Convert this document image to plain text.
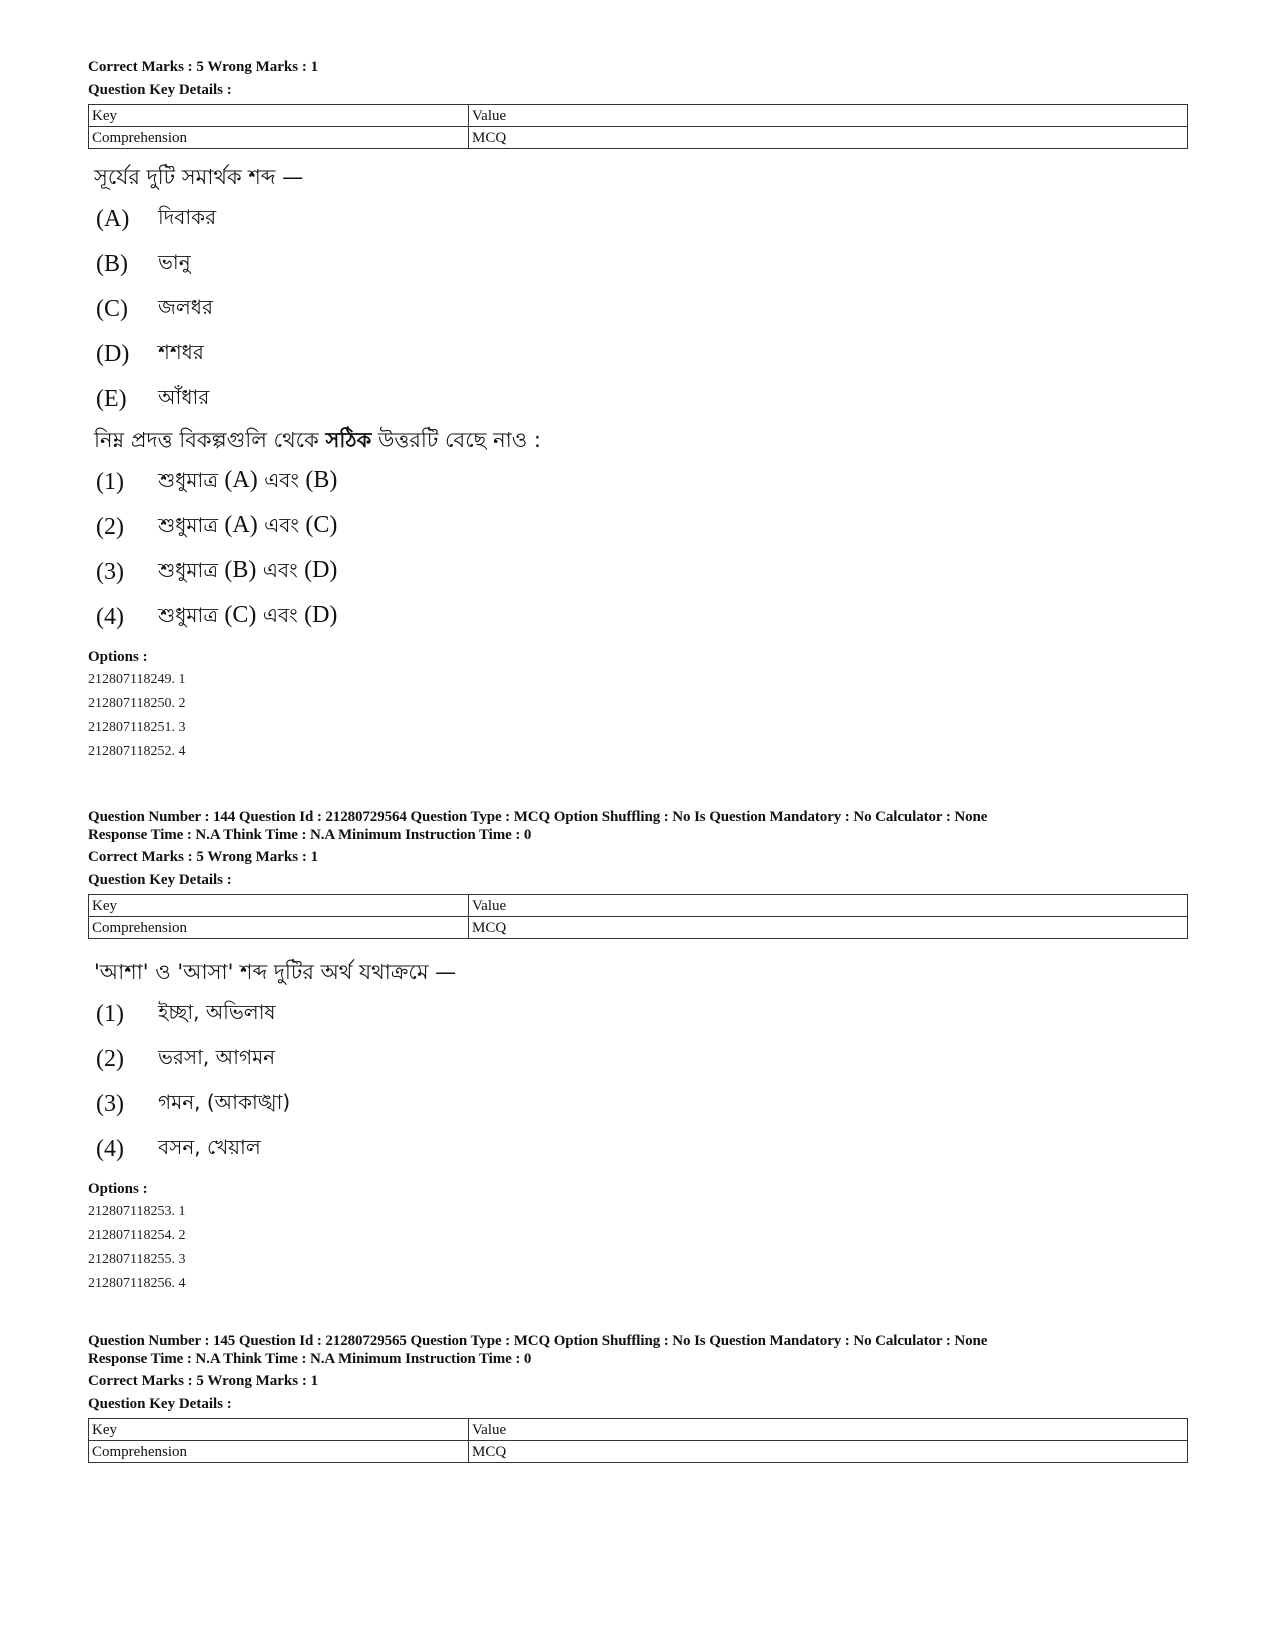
Correct Marks : 5 Wrong Marks : 1
Question Key Details :
Key	Value
Comprehension	MCQ
সূর্যের দুটি সমার্থক শব্দ —
(A)	দিবাকর
(B)	ভানু
(C)	জলধর
(D)	শশধর
(E)	আঁধার
নিম্ন প্রদত্ত বিকল্পগুলি থেকে সঠিক উত্তরটি বেছে নাও :
(1)	শুধুমাত্র (A) এবং (B)
(2)	শুধুমাত্র (A) এবং (C)
(3)	শুধুমাত্র (B) এবং (D)
(4)	শুধুমাত্র (C) এবং (D)
Options :
212807118249. 1
212807118250. 2
212807118251. 3
212807118252. 4
Question Number : 144 Question Id : 21280729564 Question Type : MCQ Option Shuffling : No Is Question Mandatory : No Calculator : None
Response Time : N.A Think Time : N.A Minimum Instruction Time : 0
Correct Marks : 5 Wrong Marks : 1
Question Key Details :
Key	Value
Comprehension	MCQ
'আশা' ও 'আসা' শব্দ দুটির অর্থ যথাক্রমে —
(1)	ইচ্ছা, অভিলাষ
(2)	ভরসা, আগমন
(3)	গমন, (আকাঙ্খা)
(4)	বসন, খেয়াল
Options :
212807118253. 1
212807118254. 2
212807118255. 3
212807118256. 4
Question Number : 145 Question Id : 21280729565 Question Type : MCQ Option Shuffling : No Is Question Mandatory : No Calculator : None
Response Time : N.A Think Time : N.A Minimum Instruction Time : 0
Correct Marks : 5 Wrong Marks : 1
Question Key Details :
Key	Value
Comprehension	MCQ
